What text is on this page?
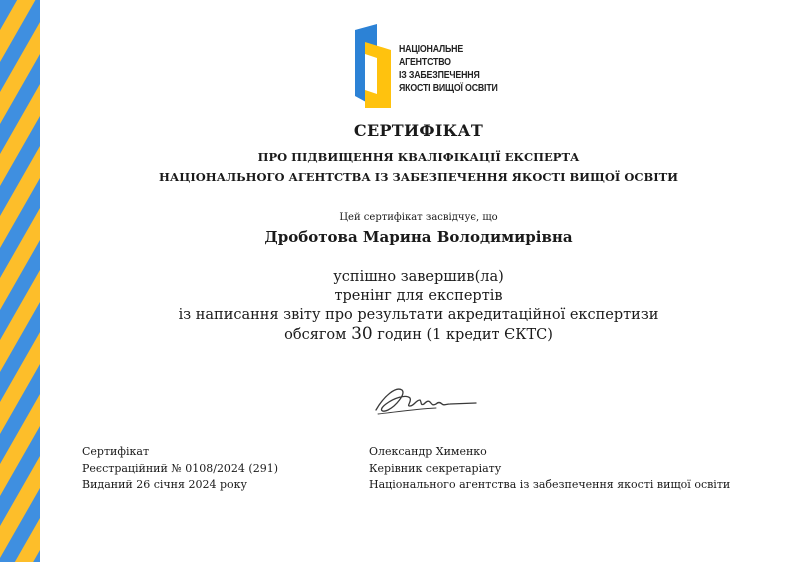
НАЦІОНАЛЬНЕ
АГЕНТСТВО
ІЗ ЗАБЕЗПЕЧЕННЯ
ЯКОСТІ ВИЩОЇ ОСВІТИ
СЕРТИФІКАТ
ПРО ПІДВИЩЕННЯ КВАЛІФІКАЦІЇ ЕКСПЕРТА
НАЦІОНАЛЬНОГО АГЕНТСТВА ІЗ ЗАБЕЗПЕЧЕННЯ ЯКОСТІ ВИЩОЇ ОСВІТИ
Цей сертифікат засвідчує, що
Дроботова Марина Володимирівна
успішно завершив(ла)
тренінг для експертів
із написання звіту про результати акредитаційної експертизи
обсягом 30 годин (1 кредит ЄКТС)
Сертифікат
Реєстраційний № 0108/2024 (291)
Виданий 26 січня 2024 року
Олександр Хименко
Керівник секретаріату
Національного агентства із забезпечення якості вищої освіти
